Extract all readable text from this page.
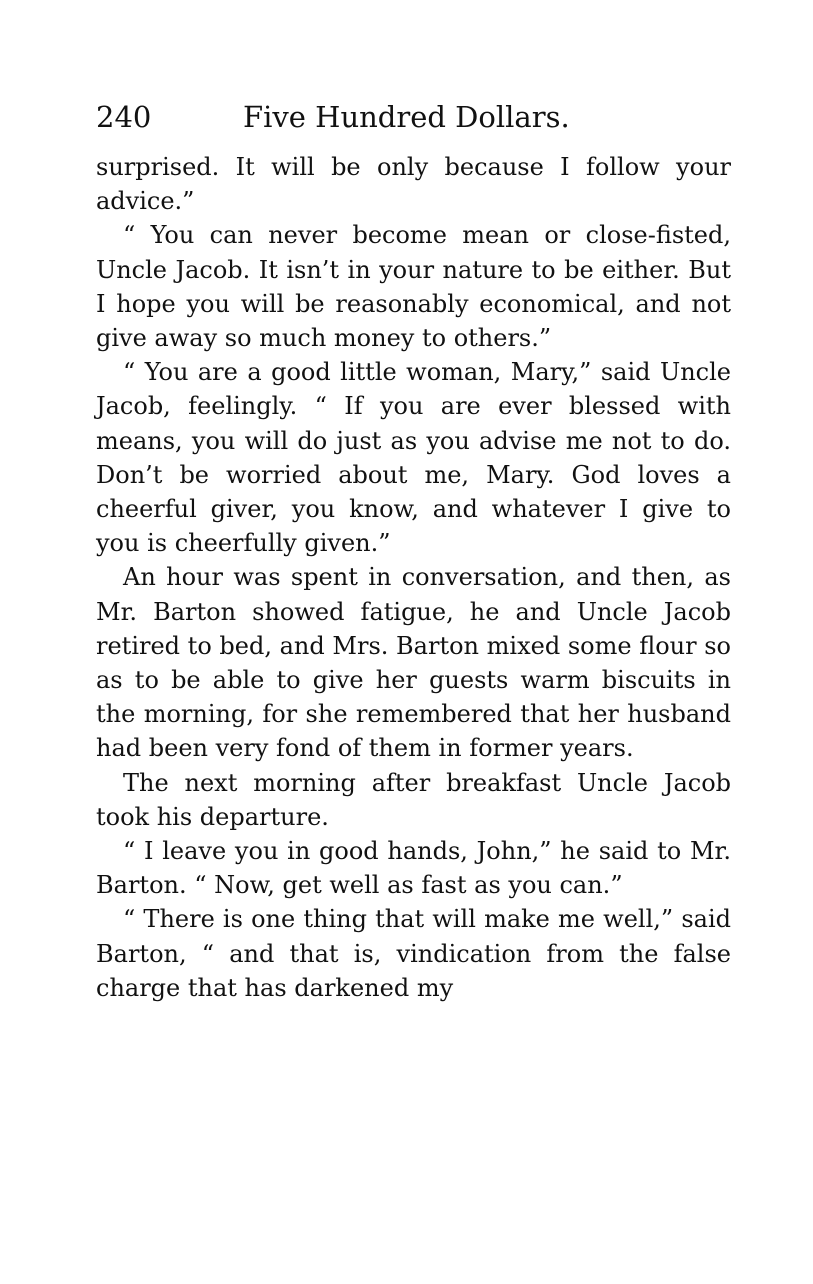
240	Five Hundred Dollars.

surprised. It will be only because I follow your advice.”

“ You can never become mean or close-fisted, Uncle Jacob. It isn’t in your nature to be either. But I hope you will be reasonably economical, and not give away so much money to others.”

“ You are a good little woman, Mary,” said Uncle Jacob, feelingly. “ If you are ever blessed with means, you will do just as you advise me not to do. Don’t be worried about me, Mary. God loves a cheerful giver, you know, and whatever I give to you is cheerfully given.”

An hour was spent in conversation, and then, as Mr. Barton showed fatigue, he and Uncle Jacob retired to bed, and Mrs. Barton mixed some flour so as to be able to give her guests warm biscuits in the morning, for she remembered that her husband had been very fond of them in former years.

The next morning after breakfast Uncle Jacob took his departure.

“ I leave you in good hands, John,” he said to Mr. Barton. “ Now, get well as fast as you can.”

“ There is one thing that will make me well,” said Barton, “ and that is, vindication from the false charge that has darkened my
